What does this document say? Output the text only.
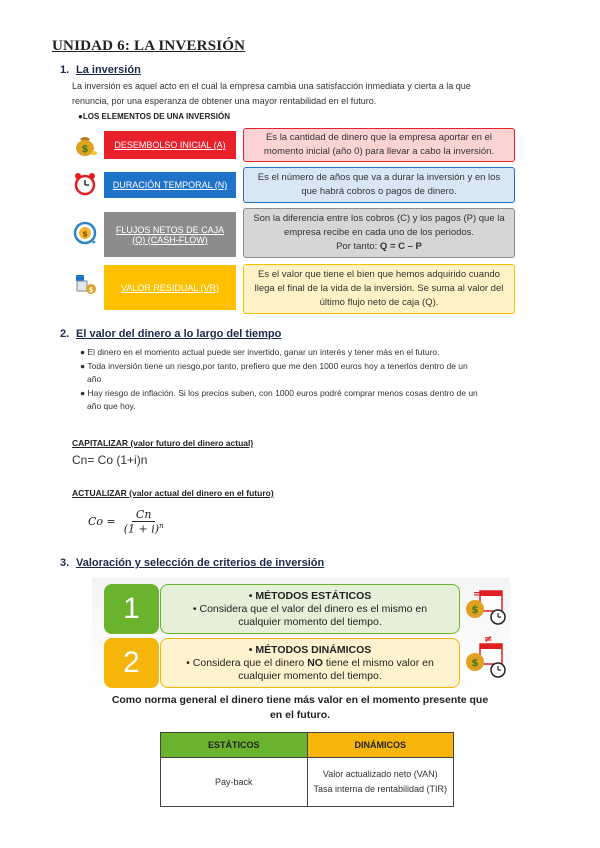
UNIDAD 6: LA INVERSIÓN
1. La inversión
La inversión es aquel acto en el cual la empresa cambia una satisfacción inmediata y cierta a la que
renuncia, por una esperanza de obtener una mayor rentabilidad en el futuro.
●LOS ELEMENTOS DE UNA INVERSIÓN
$	DESEMBOLSO INICIAL (A)
Es la cantidad de dinero que la empresa aportar en el
momento inicial (año 0) para llevar a cabo la inversión.
DURACIÓN TEMPORAL (N)
Es el número de años que va a durar la inversión y en los
que habrá cobros o pagos de dinero.
$	FLUJOS NETOS DE CAJA
(Q) (CASH-FLOW)
Son la diferencia entre los cobros (C) y los pagos (P) que la
empresa recibe en cada uno de los periodos.
Por tanto: Q = C – P
$	VALOR RESIDUAL (VR)
Es el valor que tiene el bien que hemos adquirido cuando
llega el final de la vida de la inversión. Se suma al valor del
último flujo neto de caja (Q).
2. El valor del dinero a lo largo del tiempo
● El dinero en el momento actual puede ser invertido, ganar un interés y tener más en el futuro.
● Toda inversión tiene un riesgo,por tanto, prefiero que me den 1000 euros hoy a tenerlos dentro de un
año
● Hay riesgo de inflación. Si los precios suben, con 1000 euros podré comprar menos cosas dentro de un
año que hoy.
CAPITALIZAR (valor futuro del dinero actual)
Cn= Co (1+i)n
ACTUALIZAR (valor actual del dinero en el futuro)
$Co = \frac{Cn}{(1 + i)^n}$
3. Valoración y selección de criterios de inversión
1	• MÉTODOS ESTÁTICOS
• Considera que el valor del dinero es el mismo en
cualquier momento del tiempo.
$
=
2	• MÉTODOS DINÁMICOS
• Considera que el dinero NO tiene el mismo valor en
cualquier momento del tiempo.
$
≠
Como norma general el dinero tiene más valor en el momento presente que
en el futuro.
ESTÁTICOS	DINÁMICOS
Pay-back	Valor actualizado neto (VAN)
Tasa interna de rentabilidad (TIR)
